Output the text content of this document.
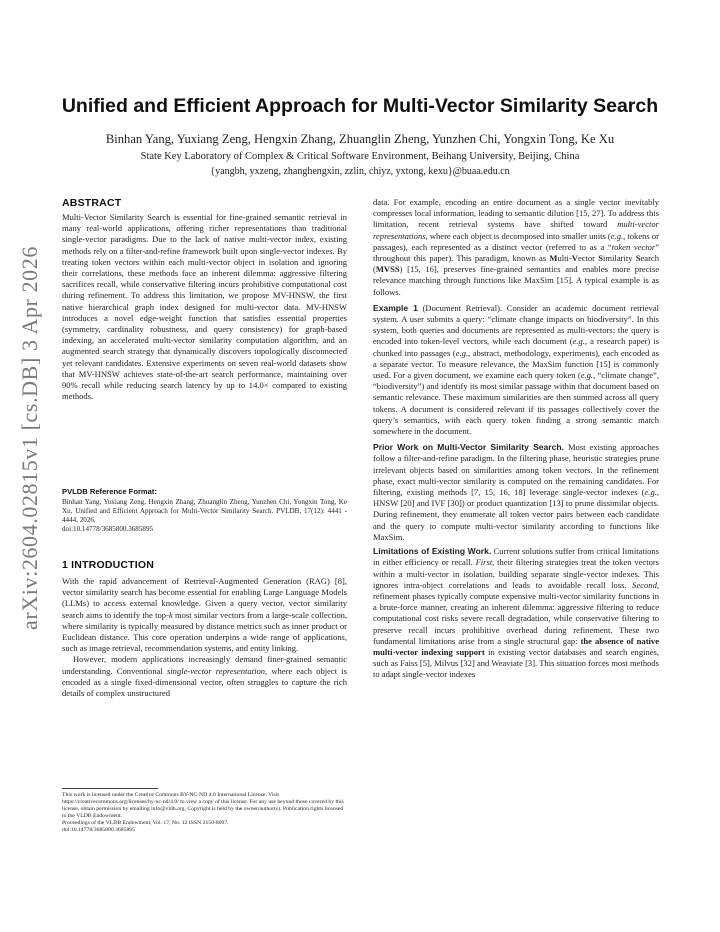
arXiv:2604.02815v1 [cs.DB] 3 Apr 2026
Unified and Efficient Approach for Multi-Vector Similarity Search
Binhan Yang, Yuxiang Zeng, Hengxin Zhang, Zhuanglin Zheng, Yunzhen Chi, Yongxin Tong, Ke Xu
State Key Laboratory of Complex & Critical Software Environment, Beihang University, Beijing, China
{yangbh, yxzeng, zhanghengxin, zzlin, chiyz, yxtong, kexu}@buaa.edu.cn
ABSTRACT

Multi-Vector Similarity Search is essential for fine-grained semantic retrieval in many real-world applications, offering richer representations than traditional single-vector paradigms. Due to the lack of native multi-vector index, existing methods rely on a filter-and-refine framework built upon single-vector indexes. By treating token vectors within each multi-vector object in isolation and ignoring their correlations, these methods face an inherent dilemma: aggressive filtering sacrifices recall, while conservative filtering incurs prohibitive computational cost during refinement. To address this limitation, we propose MV-HNSW, the first native hierarchical graph index designed for multi-vector data. MV-HNSW introduces a novel edge-weight function that satisfies essential properties (symmetry, cardinality robustness, and query consistency) for graph-based indexing, an accelerated multi-vector similarity computation algorithm, and an augmented search strategy that dynamically discovers topologically disconnected yet relevant candidates. Extensive experiments on seven real-world datasets show that MV-HNSW achieves state-of-the-art search performance, maintaining over 90% recall while reducing search latency by up to 14.0× compared to existing methods.

PVLDB Reference Format:

Binhan Yang, Yuxiang Zeng, Hengxin Zhang, Zhuanglin Zheng, Yunzhen Chi, Yongxin Tong, Ke Xu. Unified and Efficient Approach for Multi-Vector Similarity Search. PVLDB, 17(12): 4441 - 4444, 2026.

doi:10.14778/3685800.3685895

1 INTRODUCTION

With the rapid advancement of Retrieval-Augmented Generation (RAG) [8], vector similarity search has become essential for enabling Large Language Models (LLMs) to access external knowledge. Given a query vector, vector similarity search aims to identify the top-k most similar vectors from a large-scale collection, where similarity is typically measured by distance metrics such as inner product or Euclidean distance. This core operation underpins a wide range of applications, such as image retrieval, recommendation systems, and entity linking.

However, modern applications increasingly demand finer-grained semantic understanding. Conventional single-vector representation, where each object is encoded as a single fixed-dimensional vector, often struggles to capture the rich details of complex unstructured

This work is licensed under the Creative Commons BY-NC-ND 4.0 International License. Visit https://creativecommons.org/licenses/by-nc-nd/4.0/ to view a copy of this license. For any use beyond those covered by this license, obtain permission by emailing info@vldb.org. Copyright is held by the owner/author(s). Publication rights licensed to the VLDB Endowment.
Proceedings of the VLDB Endowment, Vol. 17, No. 12 ISSN 2150-8097.
doi:10.14778/3685800.3685895

data. For example, encoding an entire document as a single vector inevitably compresses local information, leading to semantic dilution [15, 27]. To address this limitation, recent retrieval systems have shifted toward multi-vector representations, where each object is decomposed into smaller units (e.g., tokens or passages), each represented as a distinct vector (referred to as a “token vector” throughout this paper). This paradigm, known as Multi-Vector Similarity Search (MVSS) [15, 16], preserves fine-grained semantics and enables more precise relevance matching through functions like MaxSim [15]. A typical example is as follows.

Example 1 (Document Retrieval). Consider an academic document retrieval system. A user submits a query: “climate change impacts on biodiversity”. In this system, both queries and documents are represented as multi-vectors: the query is encoded into token-level vectors, while each document (e.g., a research paper) is chunked into passages (e.g., abstract, methodology, experiments), each encoded as a separate vector. To measure relevance, the MaxSim function [15] is commonly used. For a given document, we examine each query token (e.g., “climate change”, “biodiversity”) and identify its most similar passage within that document based on semantic relevance. These maximum similarities are then summed across all query tokens. A document is considered relevant if its passages collectively cover the query’s semantics, with each query token finding a strong semantic match somewhere in the document.

Prior Work on Multi-Vector Similarity Search. Most existing approaches follow a filter-and-refine paradigm. In the filtering phase, heuristic strategies prune irrelevant objects based on similarities among token vectors. In the refinement phase, exact multi-vector similarity is computed on the remaining candidates. For filtering, existing methods [7, 15, 16, 18] leverage single-vector indexes (e.g., HNSW [20] and IVF [30]) or product quantization [13] to prune dissimilar objects. During refinement, they enumerate all token vector pairs between each candidate and the query to compute multi-vector similarity according to functions like MaxSim.

Limitations of Existing Work. Current solutions suffer from critical limitations in either efficiency or recall. First, their filtering strategies treat the token vectors within a multi-vector in isolation, building separate single-vector indexes. This ignores intra-object correlations and leads to avoidable recall loss. Second, refinement phases typically compute expensive multi-vector similarity functions in a brute-force manner, creating an inherent dilemma: aggressive filtering to reduce computational cost risks severe recall degradation, while conservative filtering to preserve recall incurs prohibitive overhead during refinement. These two fundamental limitations arise from a single structural gap: the absence of native multi-vector indexing support in existing vector databases and search engines, such as Faiss [5], Milvus [32] and Weaviate [3]. This situation forces most methods to adapt single-vector indexes
